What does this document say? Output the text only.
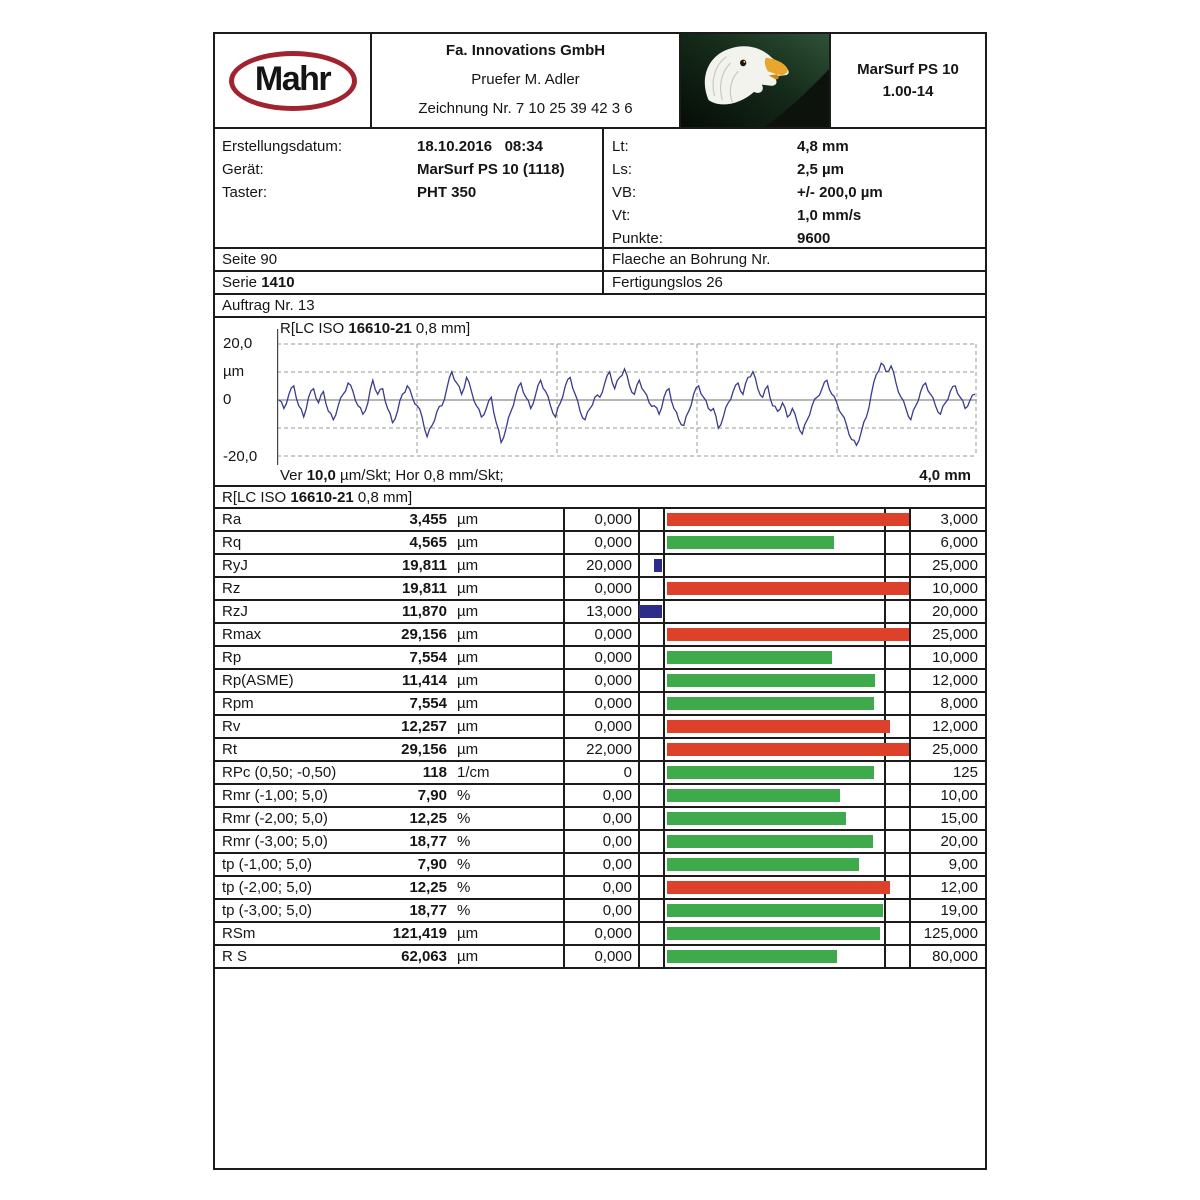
Mahr
Fa. Innovations GmbH
Pruefer M. Adler
Zeichnung Nr. 7 10 25 39 42 3 6
MarSurf PS 10
1.00-14
Erstellungsdatum:	18.10.2016   08:34
Gerät:	MarSurf PS 10 (1118)
Taster:	PHT 350
Lt:	4,8 mm
Ls:	2,5 µm
VB:	+/- 200,0 µm
Vt:	1,0 mm/s
Punkte:	9600
Seite 90	Flaeche an Bohrung Nr.
Serie 1410	Fertigungslos 26
Auftrag Nr. 13
R[LC ISO 16610-21 0,8 mm]
20,0
µm
0
-20,0
Ver 10,0 µm/Skt; Hor 0,8 mm/Skt;	4,0 mm
R[LC ISO 16610-21 0,8 mm]
Ra	3,455 µm	0,000	3,000
Rq	4,565 µm	0,000	6,000
RyJ	19,811 µm	20,000	25,000
Rz	19,811 µm	0,000	10,000
RzJ	11,870 µm	13,000	20,000
Rmax	29,156 µm	0,000	25,000
Rp	7,554 µm	0,000	10,000
Rp(ASME)	11,414 µm	0,000	12,000
Rpm	7,554 µm	0,000	8,000
Rv	12,257 µm	0,000	12,000
Rt	29,156 µm	22,000	25,000
RPc (0,50; -0,50)	118 1/cm	0	125
Rmr (-1,00; 5,0)	7,90 %	0,00	10,00
Rmr (-2,00; 5,0)	12,25 %	0,00	15,00
Rmr (-3,00; 5,0)	18,77 %	0,00	20,00
tp (-1,00; 5,0)	7,90 %	0,00	9,00
tp (-2,00; 5,0)	12,25 %	0,00	12,00
tp (-3,00; 5,0)	18,77 %	0,00	19,00
RSm	121,419 µm	0,000	125,000
R S	62,063 µm	0,000	80,000
